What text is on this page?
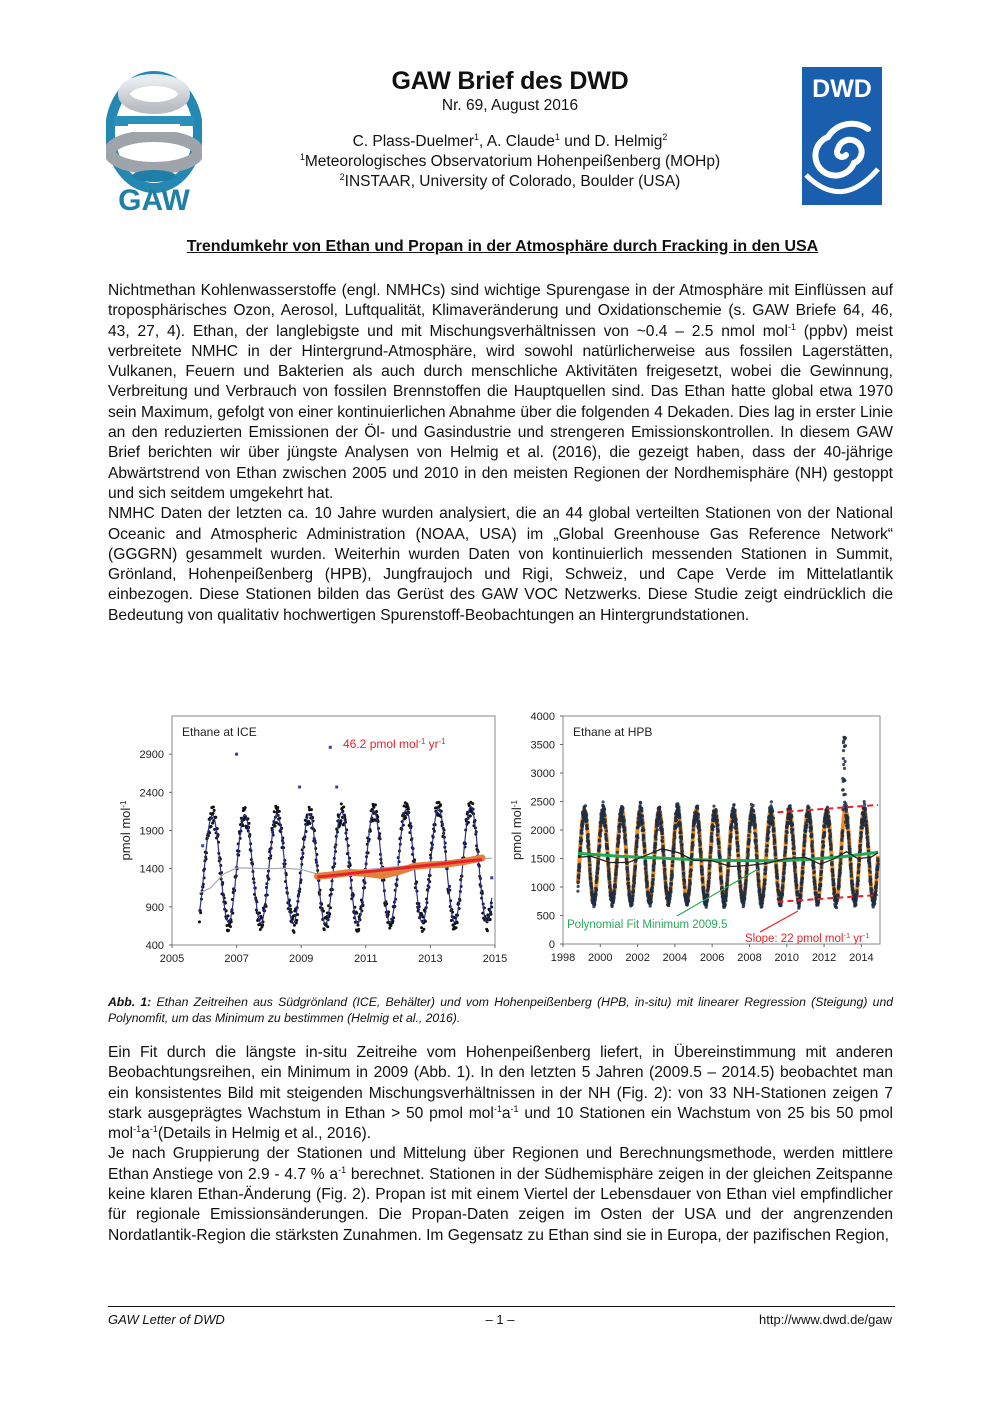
GAW
GAW Brief des DWD
Nr. 69, August 2016
C. Plass-Duelmer$^1$, A. Claude$^1$ und D. Helmig$^2$
$^1$Meteorologisches Observatorium Hohenpeißenberg (MOHp)
$^2$INSTAAR, University of Colorado, Boulder (USA)
DWD
Trendumkehr von Ethan und Propan in der Atmosphäre durch Fracking in den USA

Nichtmethan Kohlenwasserstoffe (engl. NMHCs) sind wichtige Spurengase in der Atmosphäre mit Einflüssen auf troposphärisches Ozon, Aerosol, Luftqualität, Klimaveränderung und Oxidationschemie (s. GAW Briefe 64, 46, 43, 27, 4). Ethan, der langlebigste und mit Mischungsverhältnissen von ~0.4 – 2.5 nmol mol$^{-1}$ (ppbv) meist verbreitete NMHC in der Hintergrund-Atmosphäre, wird sowohl natürlicherweise aus fossilen Lagerstätten, Vulkanen, Feuern und Bakterien als auch durch menschliche Aktivitäten freigesetzt, wobei die Gewinnung, Verbreitung und Verbrauch von fossilen Brennstoffen die Hauptquellen sind. Das Ethan hatte global etwa 1970 sein Maximum, gefolgt von einer kontinuierlichen Abnahme über die folgenden 4 Dekaden. Dies lag in erster Linie an den reduzierten Emissionen der Öl- und Gasindustrie und strengeren Emissionskontrollen. In diesem GAW Brief berichten wir über jüngste Analysen von Helmig et al. (2016), die gezeigt haben, dass der 40-jährige Abwärtstrend von Ethan zwischen 2005 und 2010 in den meisten Regionen der Nordhemisphäre (NH) gestoppt und sich seitdem umgekehrt hat.

NMHC Daten der letzten ca. 10 Jahre wurden analysiert, die an 44 global verteilten Stationen von der National Oceanic and Atmospheric Administration (NOAA, USA) im „Global Greenhouse Gas Reference Network“ (GGGRN) gesammelt wurden. Weiterhin wurden Daten von kontinuierlich messenden Stationen in Summit, Grönland, Hohenpeißenberg (HPB), Jungfraujoch und Rigi, Schweiz, und Cape Verde im Mittelatlantik einbezogen. Diese Stationen bilden das Gerüst des GAW VOC Netzwerks. Diese Studie zeigt eindrücklich die Bedeutung von qualitativ hochwertigen Spurenstoff-Beobachtungen an Hintergrundstationen.

400
900
1400
1900
2400
2900
2005	2007	2009	2011	2013	2015
pmol mol$^{-1}$
Ethane at ICE
46.2 pmol mol$^{-1}$ $yr^{-1}$
0
500
1000
1500
2000
2500
3000
3500
4000
1998 2000 2002 2004 2006 2008 2010 2012 2014
pmol mol$^{-1}$
Ethane at HPB
Polynomial Fit Minimum 2009.5
Slope: 22 pmol mol$^{-1}$ $yr^{-1}$
Abb. 1: Ethan Zeitreihen aus Südgrönland (ICE, Behälter) und vom Hohenpeißenberg (HPB, in-situ) mit linearer Regression (Steigung) und Polynomfit, um das Minimum zu bestimmen (Helmig et al., 2016).

Ein Fit durch die längste in-situ Zeitreihe vom Hohenpeißenberg liefert, in Übereinstimmung mit anderen Beobachtungsreihen, ein Minimum in 2009 (Abb. 1). In den letzten 5 Jahren (2009.5 – 2014.5) beobachtet man ein konsistentes Bild mit steigenden Mischungsverhältnissen in der NH (Fig. 2): von 33 NH-Stationen zeigen 7 stark ausgeprägtes Wachstum in Ethan > 50 pmol $mol^{-1}a^{-1}$ und 10 Stationen ein Wachstum von 25 bis 50 pmol $mol^{-1}a^{-1}(Details$ in Helmig et al., 2016).

Je nach Gruppierung der Stationen und Mittelung über Regionen und Berechnungsmethode, werden mittlere Ethan Anstiege von 2.9 - 4.7 % $a^{-1}$ berechnet. Stationen in der Südhemisphäre zeigen in der gleichen Zeitspanne keine klaren Ethan-Änderung (Fig. 2). Propan ist mit einem Viertel der Lebensdauer von Ethan viel empfindlicher für regionale Emissionsänderungen. Die Propan-Daten zeigen im Osten der USA und der angrenzenden Nordatlantik-Region die stärksten Zunahmen. Im Gegensatz zu Ethan sind sie in Europa, der pazifischen Region,

GAW Letter of DWD	– 1 –	http://www.dwd.de/gaw
